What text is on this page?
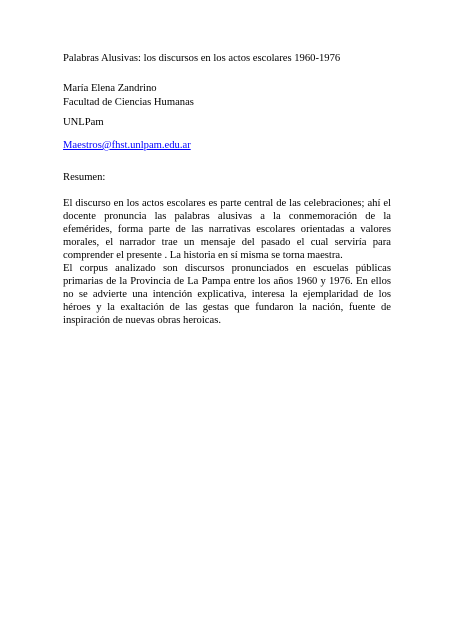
Palabras Alusivas: los discursos en los actos escolares 1960-1976
María Elena Zandrino
Facultad de Ciencias Humanas
UNLPam
Maestros@fhst.unlpam.edu.ar
Resumen:

El discurso en los actos escolares es parte central de las celebraciones; ahí el docente pronuncia las palabras alusivas a la conmemoración de la efemérides, forma parte de las narrativas escolares orientadas a valores morales, el narrador trae un mensaje del pasado el cual serviría para comprender el presente . La historia en sí misma se torna maestra.

El corpus analizado son discursos pronunciados en escuelas públicas primarias de la Provincia de La Pampa entre los años 1960 y 1976. En ellos no se advierte una intención explicativa, interesa la ejemplaridad de los héroes y la exaltación de las gestas que fundaron la nación, fuente de inspiración de nuevas obras heroicas.
